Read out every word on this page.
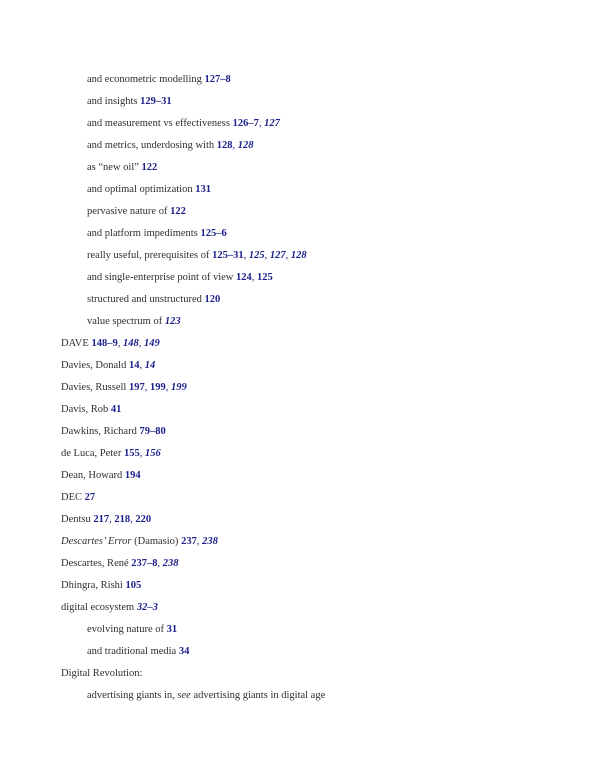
and econometric modelling 127–8
and insights 129–31
and measurement vs effectiveness 126–7, 127
and metrics, underdosing with 128, 128
as “new oil” 122
and optimal optimization 131
pervasive nature of 122
and platform impediments 125–6
really useful, prerequisites of 125–31, 125, 127, 128
and single-enterprise point of view 124, 125
structured and unstructured 120
value spectrum of 123
DAVE 148–9, 148, 149
Davies, Donald 14, 14
Davies, Russell 197, 199, 199
Davis, Rob 41
Dawkins, Richard 79–80
de Luca, Peter 155, 156
Dean, Howard 194
DEC 27
Dentsu 217, 218, 220
Descartes’ Error (Damasio) 237, 238
Descartes, René 237–8, 238
Dhingra, Rishi 105
digital ecosystem 32–3
evolving nature of 31
and traditional media 34
Digital Revolution:
advertising giants in, see advertising giants in digital age
